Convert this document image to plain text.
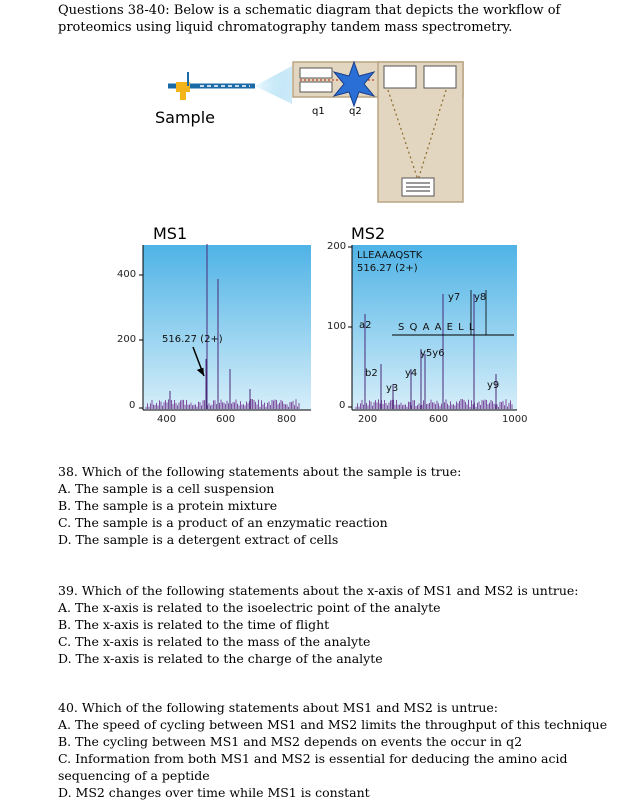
Questions 38-40: Below is a schematic diagram that depicts the workflow of proteomics using liquid chromatography tandem mass spectrometry.

Sample	q1 q2
MS1
400
200
0
400	600	800
516.27 (2+)
MS2
200
100
0
200	600	1000
LLEAAAQSTK
516.27 (2+)
y7 y8
a2	S Q A A E L L
y5y6
b2	y4
y3	y9

38. Which of the following statements about the sample is true:

A. The sample is a cell suspension

B. The sample is a protein mixture

C. The sample is a product of an enzymatic reaction

D. The sample is a detergent extract of cells

39. Which of the following statements about the x-axis of MS1 and MS2 is untrue:

A. The x-axis is related to the isoelectric point of the analyte

B. The x-axis is related to the time of flight

C. The x-axis is related to the mass of the analyte

D. The x-axis is related to the charge of the analyte

40. Which of the following statements about MS1 and MS2 is untrue:

A. The speed of cycling between MS1 and MS2 limits the throughput of this technique

B. The cycling between MS1 and MS2 depends on events the occur in q2

C. Information from both MS1 and MS2 is essential for deducing the amino acid sequencing of a peptide

D. MS2 changes over time while MS1 is constant
